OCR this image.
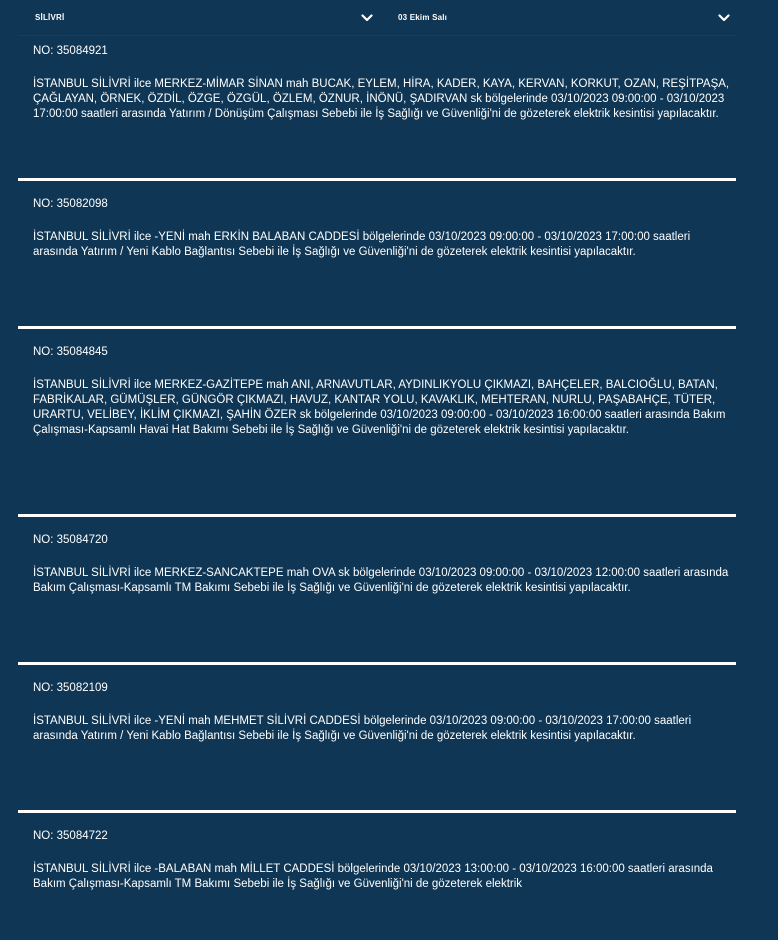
SİLİVRİ	03 Ekim Salı

NO: 35084921

İSTANBUL SİLİVRİ ilce MERKEZ-MİMAR SİNAN mah BUCAK, EYLEM, HİRA, KADER, KAYA, KERVAN, KORKUT, OZAN, REŞİTPAŞA, ÇAĞLAYAN, ÖRNEK, ÖZDİL, ÖZGE, ÖZGÜL, ÖZLEM, ÖZNUR, İNÖNÜ, ŞADIRVAN sk bölgelerinde 03/10/2023 09:00:00 - 03/10/2023 17:00:00 saatleri arasında Yatırım / Dönüşüm Çalışması Sebebi ile İş Sağlığı ve Güvenliği'ni de gözeterek elektrik kesintisi yapılacaktır.

NO: 35082098

İSTANBUL SİLİVRİ ilce -YENİ mah ERKİN BALABAN CADDESİ bölgelerinde 03/10/2023 09:00:00 - 03/10/2023 17:00:00 saatleri arasında Yatırım / Yeni Kablo Bağlantısı Sebebi ile İş Sağlığı ve Güvenliği'ni de gözeterek elektrik kesintisi yapılacaktır.

NO: 35084845

İSTANBUL SİLİVRİ ilce MERKEZ-GAZİTEPE mah ANI, ARNAVUTLAR, AYDINLIKYOLU ÇIKMAZI, BAHÇELER, BALCIOĞLU, BATAN, FABRİKALAR, GÜMÜŞLER, GÜNGÖR ÇIKMAZI, HAVUZ, KANTAR YOLU, KAVAKLIK, MEHTERAN, NURLU, PAŞABAHÇE, TÜTER, URARTU, VELİBEY, İKLİM ÇIKMAZI, ŞAHİN ÖZER sk bölgelerinde 03/10/2023 09:00:00 - 03/10/2023 16:00:00 saatleri arasında Bakım Çalışması-Kapsamlı Havai Hat Bakımı Sebebi ile İş Sağlığı ve Güvenliği'ni de gözeterek elektrik kesintisi yapılacaktır.

NO: 35084720

İSTANBUL SİLİVRİ ilce MERKEZ-SANCAKTEPE mah OVA sk bölgelerinde 03/10/2023 09:00:00 - 03/10/2023 12:00:00 saatleri arasında Bakım Çalışması-Kapsamlı TM Bakımı Sebebi ile İş Sağlığı ve Güvenliği'ni de gözeterek elektrik kesintisi yapılacaktır.

NO: 35082109

İSTANBUL SİLİVRİ ilce -YENİ mah MEHMET SİLİVRİ CADDESİ bölgelerinde 03/10/2023 09:00:00 - 03/10/2023 17:00:00 saatleri arasında Yatırım / Yeni Kablo Bağlantısı Sebebi ile İş Sağlığı ve Güvenliği'ni de gözeterek elektrik kesintisi yapılacaktır.

NO: 35084722

İSTANBUL SİLİVRİ ilce -BALABAN mah MİLLET CADDESİ bölgelerinde 03/10/2023 13:00:00 - 03/10/2023 16:00:00 saatleri arasında Bakım Çalışması-Kapsamlı TM Bakımı Sebebi ile İş Sağlığı ve Güvenliği'ni de gözeterek elektrik
